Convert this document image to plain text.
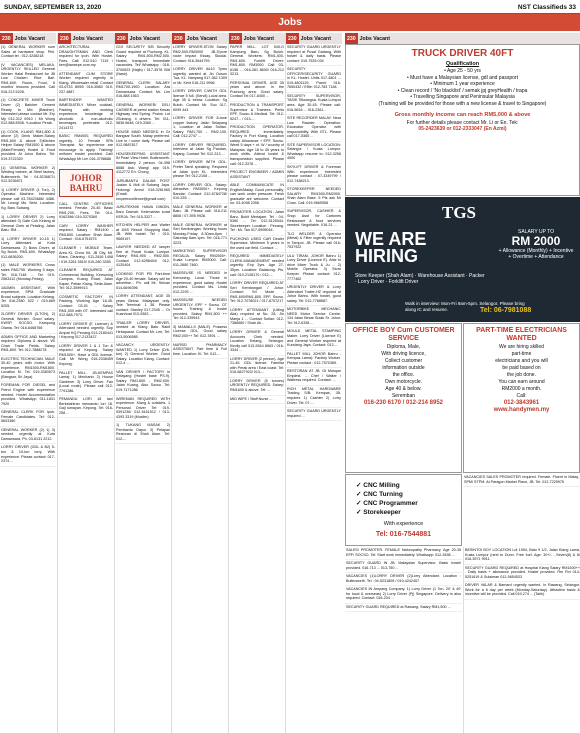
SUNDAY, SEPTEMBER 13, 2020	NST Classifieds 33
Jobs
230 Jobs Vacant
(1) GENERAL WORKER sum Sales at hardware shop. Phil. Contact tel : 012-4248218
(V VACANCIES) MELAKA. URGENTLY SKILLED General Worker Halal Restaurant for JB Low Chicken Rice Ball. RM1,600. Room, Food, 6 months' lessons provided. Call 016-213 5228.
(1) CONCRETE MIXER Truck Driver (2) Batcher Cement Ready to Mix (Batcher). Interested please contact Mr. Ery My 012-312 6910 / Mr Wong 012-588 8938. *Location Perak.
(1) COOK, KLANG RM1,800 & above (2) Drink Maker-Salary RM1,600 & above 3)Kitchen Helper Salary RM1500 & above (Male/Female) Hostel & Food provided. At Johor Bahru. Tel: 019-3722320
(1) GENERAL WORKER 2) Welding trainee, at Steel factory, Butterworth. Tel : 04-5236871/ 012-5236871
1) LORRY DRIVER (1 Ton), 2) Operator Machine. Interested please call 03-78423686/ 4486. Mr. Leong/ Ms. Selvi. Location: Kg. Baru Subang.
1) LORRY DRIVER 2) Lorry attendant 3) Gate Cok Kelang at General Clerk at Petaling. Jalan Batu. RM ...
1) LORRY DRIVER 10-15 1) Lorry Attendant at Kota Damansara. 2) Boss Driver, at Sg Buloh, RM1,600. WhatsApp 012-6836200.
(1) MALE WORKERS Cross sales RM1790. Working 5 days. Tel: 016-7148 ... Tel: 019-2563412 (Monday-Friday).
1ADMIN ASSISTANT, With experience, SPM. Graduate Broad subjects. Location Kelang. Tel 016-2380 522 / 019-669 5205.
2LORRY DRIVER (5-TON), 2) General Worker. Good salary. KWSP, SOCSO. Kampung Olama. Tel: 016-6468766
ADMIN OFFICE AND Marketing required. Diploma & above. W/ Chan Trade Fields. Salary RM1,800. Tel: 012-7888278
ELECTRIC TECHNICIAN. MALE 30-40 years with motor. With experience. RM1500-RM1800. Location Kl. Tel: 019-3383573 (Bangsar, Sri Jaya)
FOREMAN FOR DIESEL and Petrol Engine with experience needed. Hostel Accommodation provided. WhatsApp 011-1831 7920
GENERAL CLERK FOR Ipoh. Female Candidates. Tel: 012-5603380
GENERAL WORKER (2) 1) 3) needed urgently at Kota Damansara. Ph. 03-6131 2212.
LORRY DRIVER (GDL & B2) 5-ton & 10-ton lorry. With experience. Please contact: 017-2374 ...
230 Jobs Vacant
ARCHITECTURAL DRAUGHTSMAN AND Clerk required for Ipoh. With Hostel. Fees. Call: 012-510 7119 / ken@tansepe.com.my
ATTENDANT CUM STORE Worker required urgently in Klang. Wholesaler retail. Contact 03-6733 8090/ 016-3080/ 019-237 4887
BARTENDER WANTED IMMEDIATELY Mixer cocktail, Packing with working experience, knowledge of alcoholic & non-alcoholic beverages. preferable 012-2414372
BASIC RM4000, REQUIRED urgently. 10 Female SPA Therapist. No experience are encourage to apply. Training/ uniform/ hostel provided. Call/ WhatsApp Mr Lim 016-3798686
JOHOR
BAHRU
CALL CENTRE OFFICERS needed. Female. 20-40. Basic RM1,200, Fees. Tel: 014-9162396/ 019-3270360
CAR/ LORRY WASHER required. Salary : RM1400 - RM1800. Location: Shah Alam. Contact : 016-6751575
CLEANER / MOBILE Team. Area KL Chow Kit, JB City, Mt. Kiara, Cleaning : 011-2816 1498 / 019-3261 5519/ 019-280 3355
CLEANER REQUIRED AT Commercial Building, Kemuning Campus, Kuang Road, Jalan Kapar, Pekan Klang, Setia Alam. Tel: 012-3599913
COSMETIC FACTORY IN Packing, Working Age 18-45. Contact: 03-51 ... Salary RM1,500 with OT. Interested call 012-688-7973.
LORRY DRIVER (E Licence) & Attendant needed urgently. Sop Ampat HQ Penang 013-2180441 / Kepong 017-2133437.
LORRY DRIVER 1 & 1 Ton & required at Kepong. Salary RM1500+. Have a GDL license. Call: Mr Wong 016-2338459 Kepong.
PALLET MILL. JB-KEMPAS Lamaj: 1) Mechanic 2) House Gardener 3) Lorry Driver. Fan (Local route). Please call 012-7791286.
PEMANDU LORI 18 tan/ Berkelahiran memandu lori 18. Gaji lumayan. Kepong. Tel: 016-258 ...
230 Jobs Vacant
G1S SECURITY S/B Security Guard required at Puchong, KL. Salary RM1,500-RM2,500. Hostel, transport. Immediate vacancies. Tel/ Whatsapp : 018-3700623 (Najib) / 017-3578 008 (Nasir).
GENERAL CLERK SALARY RM1700-1900. Location: Ara Damansara. Contact: Mr. Lim 016-888 1563
GENERAL WORKER/ DELI CASHIER at petrol station Kesas Highway rest Spring. Proton Lot 2Subang. 4 drivers. Tel: 011-5836 6648, 019-3360 ...
HOUSE MAID NEEDED in Gr Bangsar South. Malay preferred. Live in / come daily. Please call 012-9887617
HOUSEKEEPING ASSISTANT IN Pearl View Hotel, Butterworth. Immediately 2 person. 04-398 8888 Ask: Wang/ app 019-4112772 En. Chong
JURUBANTU DALAM POST Jualan & Mdt di Subang Jaya. Hubungi Amrul 018-3261960 (Email: rovyerexcellence@gmail.com)
JURUTEKNIK HAWA DINGIN, Baru Daerah: Kelemahan surat KERJA. Tel: 015-3327 ...
KITCHEN HELPER and Waiter at 1MS Resort Shopping Mall, JB. With hostel. Tel : 010-9569197.
LAWYER NEEDED AT lawyer firm at Pusat Kuala Lumpur. Salary: RM1,900 - RM2,500. Contact 012-6298404/ 012-4120404
LOOKING FOR PB Part-time Age 20-40 female. Salary will be advertise... Ph. call Mr. Selvan 014-6696396
LORRY ATTENDANT, AGE 35 years Below, Malaysian only. Tele Terminal: 1 38. Please contact: Stanley 017-2345 ... Or Kuanhuat 013-9363 ...
TRAILER LORRY DRIVER, needed at Klang Batu Rakit Hebapasar. Contact Mr. Lee, Tel: 013-5006585
VACANCY: URGENTLY WANTED 1) Lorry Driver (D/6-ton) 2) General Worker. Good Salary. Location Klang. Contact: 012-4 ...
VAN DRIVER / FACTORY in Selayang (Hostel base PS.9). Salary RM1,600 - RM2,000. Jalan Kuang. Also Socso. Tel: 019-7171286
WIREMAN REQUIRED WITH experience. Klang & outskirts. 1 Personal Driver Tel: 019-9391236/ 012-5161512 / 013-4393 3319 (Muslim)
1) TUKANG MASAK 2) Pembantu Dapur 3) Pelayan Restoran di Shah Alam. Tel: 012-...
230 Jobs Vacant
LORRY DRIVER-5TON Salary RM2,500-RM3000 JB-S'pore route Impact Essay. Skudai. Contact: 016-3644799
LORRY DRIVER 6&10 Tyres urgently wanted at Jin Dusun Tua, KL. Nanyang 017-362 1309 or Mr. Kent 018-211 9966
LORRY DRIVER C/WITH GDL licence 5 full. (Sendi) Local area. Age 35 & below. Location: Sg Buloh. Contact Mr. Soo 017-6099 444
LORRY DRIVER FOR 8-tone copper factory, Jalan Selayang 1, Location at Jalan Sultan. Salary RM1,700 - RM2,100. Call: 012-2747 ...
LORRY DRIVER REQUIRED. Interview at Jalan Sg Pandan, Kajang. Contact Tel: 012-313 ...
LORRY DRIVER WITH GDL. Prefer Tamil speaking. Required at Jalan Ipoh KL. Interested please Tel: 012-2108 ...
LORRY DRIVER GDL. Salary: Attractive. RM3000+. Kepong Bandar: Contact: 012-6784728/ 010-235 ...
MALE GENERAL WORKER at Batu. JB. Please call: 016-211 8808 / 07-595 9928.
MALE GENERAL WORKER at Seri Kembangan. Working hours Monday-Friday 8.30am-6pm / Saturday 8am-1pm. Tel: 016-771 3223.
MARKETING SUPERVISOR REGALIA. Salary RM2500+. Kuala Lumpur. RM3000. Call: 011-2680 7460.
MASSEUSE IS NEEDED in Kemuning. Local. Those in experience, good salary. Hostel provided. Contact Ms. Linda 012-2293 ...
MASSEUSE NEEDED URGENTLY. EPF + Socso. OT hours. Training & hostel provided. Salary RM1,500 ++ Tel: 012-339943
3) MAMALLS (MALE). Possess License GDL. Good salary RM2,000++ Tel: 012-7891 ...
NURSE/ PHARMACY ASSISTANT. Part time & Full time. Location: Kl. Tel: 012-...
230 Jobs Vacant
PAPER MILL. LOT 545-G Kampung Baru, Sg Buloh. General Workers: RM1,400-RM1,600. Forklift Driver: RM1,800. RM3000. Call: 03-6156 ... 016-381 8600/ 016-212 3213.
PERSONAL DRIVER, AGE 35 years and above. In the Puchong area. Good salary. Contact Tel 017-8400 ...
PRODUCTION & TRANSPORT Supervisor & Trainees. Perlis EPF, Socso & Medical. Tel: 012-5247... / 013-...
PRODUCTION OPERATOR. REQUIRED immediately. Factory in Port Klang. Location salary. Allowance + EPF, Socso. Week 5 days + ot. W / country of Malaysia. Age 18 to 45 years to work shifts. Attend hostel & transportation supplied. Please call: 012-3378 ...
PROJECT ENGINEER / ADMIN ASSISTANT
ABLE COMMUNICATE IN English/Malay. Good personality, can work under pressure. Fresh graduate are welcome. Contact no: 03-4098 2398
PROMOTER. LOCATION : Jalan Baru, Bukit Mertajam. Tel : 04-5360 ... Tel: 012-5125044. Storekeeper. Location : Penang. Tel : Mr. Tan 017-5995044.
PUCHONG USED CAR Dealer Supervisor. Minimum 5 years in the used car field. Contact: ...
REQUIRED IMMEDIATELY CLERK-MANAGEMENT needed urgently. Exp 2yrs. Age 27-35yrs. Location: Balakong. Pls. call: 019-2128170 / 012-...
LORRY DRIVER REQUIRED AT Seri Kembangan / Johor. Contact: Sri Mode - RM1,600/RM1,800. EPF, Socso. Tel: 012-7078021 / 017-6757217
LORRY ATTENDANT (Lifting Aka) required at No. 28, Jln Manja 1 ... Contact Sofian: 012-7386660 / Shah Ali...
LORRY DRIVER & General Accounts Clerk needed. Location Kelang, Selangor. Kindly call 013-5344 8663 / 016-3344 ...
LORRY DRIVER (2 person). Age 21-45. GDL license. Familiar with Perak area / East coast. Tel: 016-5827923/ 013-...
LORRY DRIVER (5 tonnes) URGENTLY REQUIRED. Salary: RM1600 & above. Tel: ...
MID WIFE / Staff Nurse ...
230 Jobs Vacant
SECURITY GUARD URGENTLY required at Pusat Gadang, With hostel & daily basis. Please contact: 019-7535 034
SECURITY OFFICER/SECURITY GUARD in KL. Hostel. Units 017-4801 ... 019-4801129. Pamil: 016-7650432 / Effie: 012-783 7184.
SECURITY SUPERVISOR, TASIK Titiwangsa. Kuala Lumpur area. Age 30-45. Please call: 016-5616 ... 016-2361...
SITE RECORDER MALAY. Near Low Rawder. Operation: Excavator Operator with responsibility. With GTL. Please call 017-5365 ...
SITE SUPERVISOR LOCATION: Selangor / Kuala Lumpur. Whatsapp resume to: 012-3256 4000
SKYLIFT DRIVER & Foreman With experience. Interested please contact : 07-3349799 / 012-7488213.
STOREKEEPER NEEDED SALARY RM1500-RM2000. Shah Alam Base. 5 Pts ask Mr Chan. Call: 019-9669558
SUPERVISOR, CASHIER & Shop Asst for Cartones Restaurant & food services needed. Negotiable. 016-21 ...
TLG WELDER & Operator (Metal) & Fitter urgently required in Tampoi, JB. Please call 016-7537922
ULU TIRAM, JOHOR Bahru 1) Lorry Driver (Licence E). Able to drive Mixer Truck & Ju ... 2) Mobile Operator. 3) Store Keeper. Please contact: 012-7777462
URGENTLY DRIVER & Lorry Attendant Trailer-HZ required at Johor Bahru. With hostel, good salary. Tel: 012-7788887.
MOTORBIKE MECHANIC NEED Motor Service Centre. 134 Jalan Besar Sulak Sr. Johor. Tel: 012-6338 ...
MOULD METAL STAMPING Maker, Lorry Driver (Licence E) and General Worker required at Kundang Jaya. Contact: 012-...
PALLET MILL JOHOR Bahru - Kempas Lama): Factory Worker. Please contact : 012-7570389.
RESTORAN AT JB. Gt Mosque Empiest. ... Chef / Waiter / Waitress required. Contact: ...
RICH METAL HARDWARE Trading S/B: Kempas, JB. requires 1) Cashier 2) Lorry Driver. Tel: 07-...
SECURITY GUARD URGENTLY required ...
230 Jobs Vacant
TRUCK DRIVER 40FT
Qualification
• Age 25 - 50 yrs
• Must have a Malaysian license, gdl and passport
• Minimum 1 year experience
• Clean record / 'No blacklist' / semak jpj greyHealth / trapa
• Travelling Singapore and Peninsular Malaysia
(Training will be provided for those with a new license & travel to Singapore)
Gross monthly income can reach RM5,000 & above
For further details please contact Mr. Li or En. Tek:
05-2423639 or 012-2333047 (En Azmi)
TGS
WE ARE HIRING
SALARY UP TO
RM 2000
+ Allowance (Monthly) + Incentive + Overtime + Attendance
Store Keeper (Shah Alam) · Warehouse Assistant · Packer · Lorry Driver · Forklift Driver
Walk in interview: Mon-Fri 9am-5pm. Selangor. Please bring along IC and resume.	Tel: 06-7981088
OFFICE BOY Cum CUSTOMER SERVICE

Diploma, Male,

With driving licence,

Collect customer

information outside

the office.

Own motorcycle.

Age 40 & below.

Seremban

016-230 6170 / 012-214 8952

PART-TIME ELECTRICIANS WANTED

We are hiring skilled

part-time

electricians and you will

be paid based on

the job done.

You can earn around

RM2000 a month.

Call:

012-3843961

www.handymen.my

✓ CNC Milling
✓ CNC Turning
✓ CNC Programmer
✓ Storekeeper
With experience
Tel: 016-7544881
VACANCIES SALES PROMOTER required. Female. Fluent in Malay. SPM/ STPM. At Paragon Market Place, JB. Tel: 012-7229975
SALES/ PROMOTER. FEMALE Naturopathy Pharmacy. Age 20-35 EPF/ SOCSO. Tel: Start work immediately. Whatsapp: 012-3458 ...
SECURITY GUARD IN JB. Malaysian Supervisor. Basic hostel provided. 016-713 ... 013-750 ...
VACANCIES (1)LORRY DRIVER (2)Lorry Attendant. Location : Butterworth. Tel : 04-5231809 / 019-4242457
VACANCIES IN Ampang Company. 1) Lorry Driver (1 Ton, 20' & 40' for local & overseas) 2) Lorry Driver (Pj) Singapore. Delivery is also required. Contact: 016-234 ...
SECURITY GUARD REQUIRED at Rawang. Salary RM1,500 ...
BESINTOI BOY LOCATION Lot 1954, Batu 9 1/2, Jalan Klang Lama, Kuala Lumpur (next to Dunn. Free fuel. Age: 30+/- , Seven(6) & 8/ 016-3971 9911.
SECURITY GUARD REQUIRED at Hospital Kiang Salary RM1500++ . Daily basis + allowance provided. Hostel provided. Rm Fixl 014-5251619 & Sulaiman 012-5654533
DRIVER VALAR & Barnard urgently wanted. In Rawang, Selangor. Work for a 6 day per week (Monday-Saturday). Attractive basic & incentive will be provided. Call 019-274 ... (Tarik)
